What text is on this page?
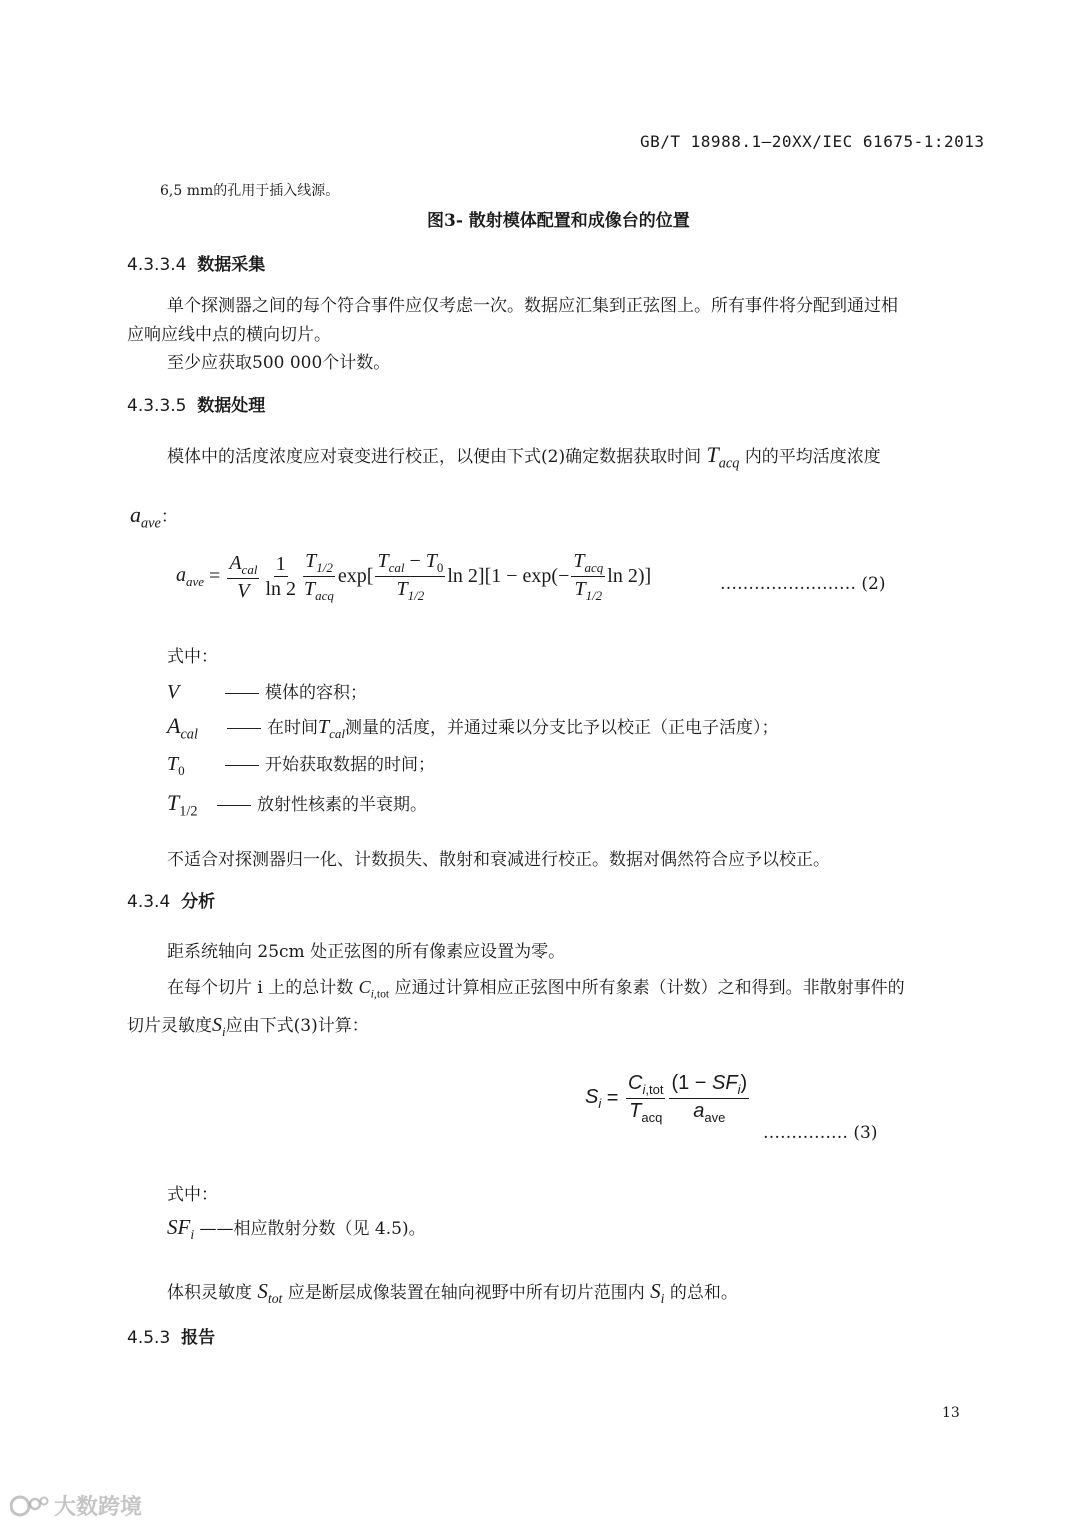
GB/T 18988.1—20XX/IEC 61675-1:2013
6,5 mm的孔用于插入线源。
图3- 散射模体配置和成像台的位置
4.3.3.4 数据采集
单个探测器之间的每个符合事件应仅考虑一次。数据应汇集到正弦图上。所有事件将分配到通过相
应响应线中点的横向切片。
至少应获取500 000个计数。
4.3.3.5 数据处理
模体中的活度浓度应对衰变进行校正，以便由下式(2)确定数据获取时间 $T_{acq}$ 内的平均活度浓度
$a_{ave}$：
$a_{ave} = \frac{A_{cal}}{V} \frac{1}{\ln 2} \frac{T_{1/2}}{T_{acq}} \exp[ \frac{T_{cal} - T_0}{T_{1/2}}$ $\ln 2][1 - \exp(- \frac{T_{acq}}{T_{1/2}}$ ln 2)]	…………………… (2)
式中：
V	模体的容积；
$A_{cal}$	在时间$T_{cal}$测量的活度，并通过乘以分支比予以校正（正电子活度）；
$T_0$	开始获取数据的时间；
$T_{1/2}$	放射性核素的半衰期。
不适合对探测器归一化、计数损失、散射和衰减进行校正。数据对偶然符合应予以校正。
4.3.4 分析
距系统轴向 25cm 处正弦图的所有像素应设置为零。
在每个切片 i 上的总计数 $C_{i,tot}$ 应通过计算相应正弦图中所有象素（计数）之和得到。非散射事件的
切片灵敏度$S_i$应由下式(3)计算：
$S_i = \frac{C_{i,tot}}{T_{acq}} \frac{(1 - SF_i)}{a_{ave}}$
…………… (3)
式中：
$SF_i$ ——相应散射分数（见 4.5)。
体积灵敏度 $S_{tot}$ 应是断层成像装置在轴向视野中所有切片范围内 $S_i$ 的总和。
4.5.3 报告
13
大数跨境
